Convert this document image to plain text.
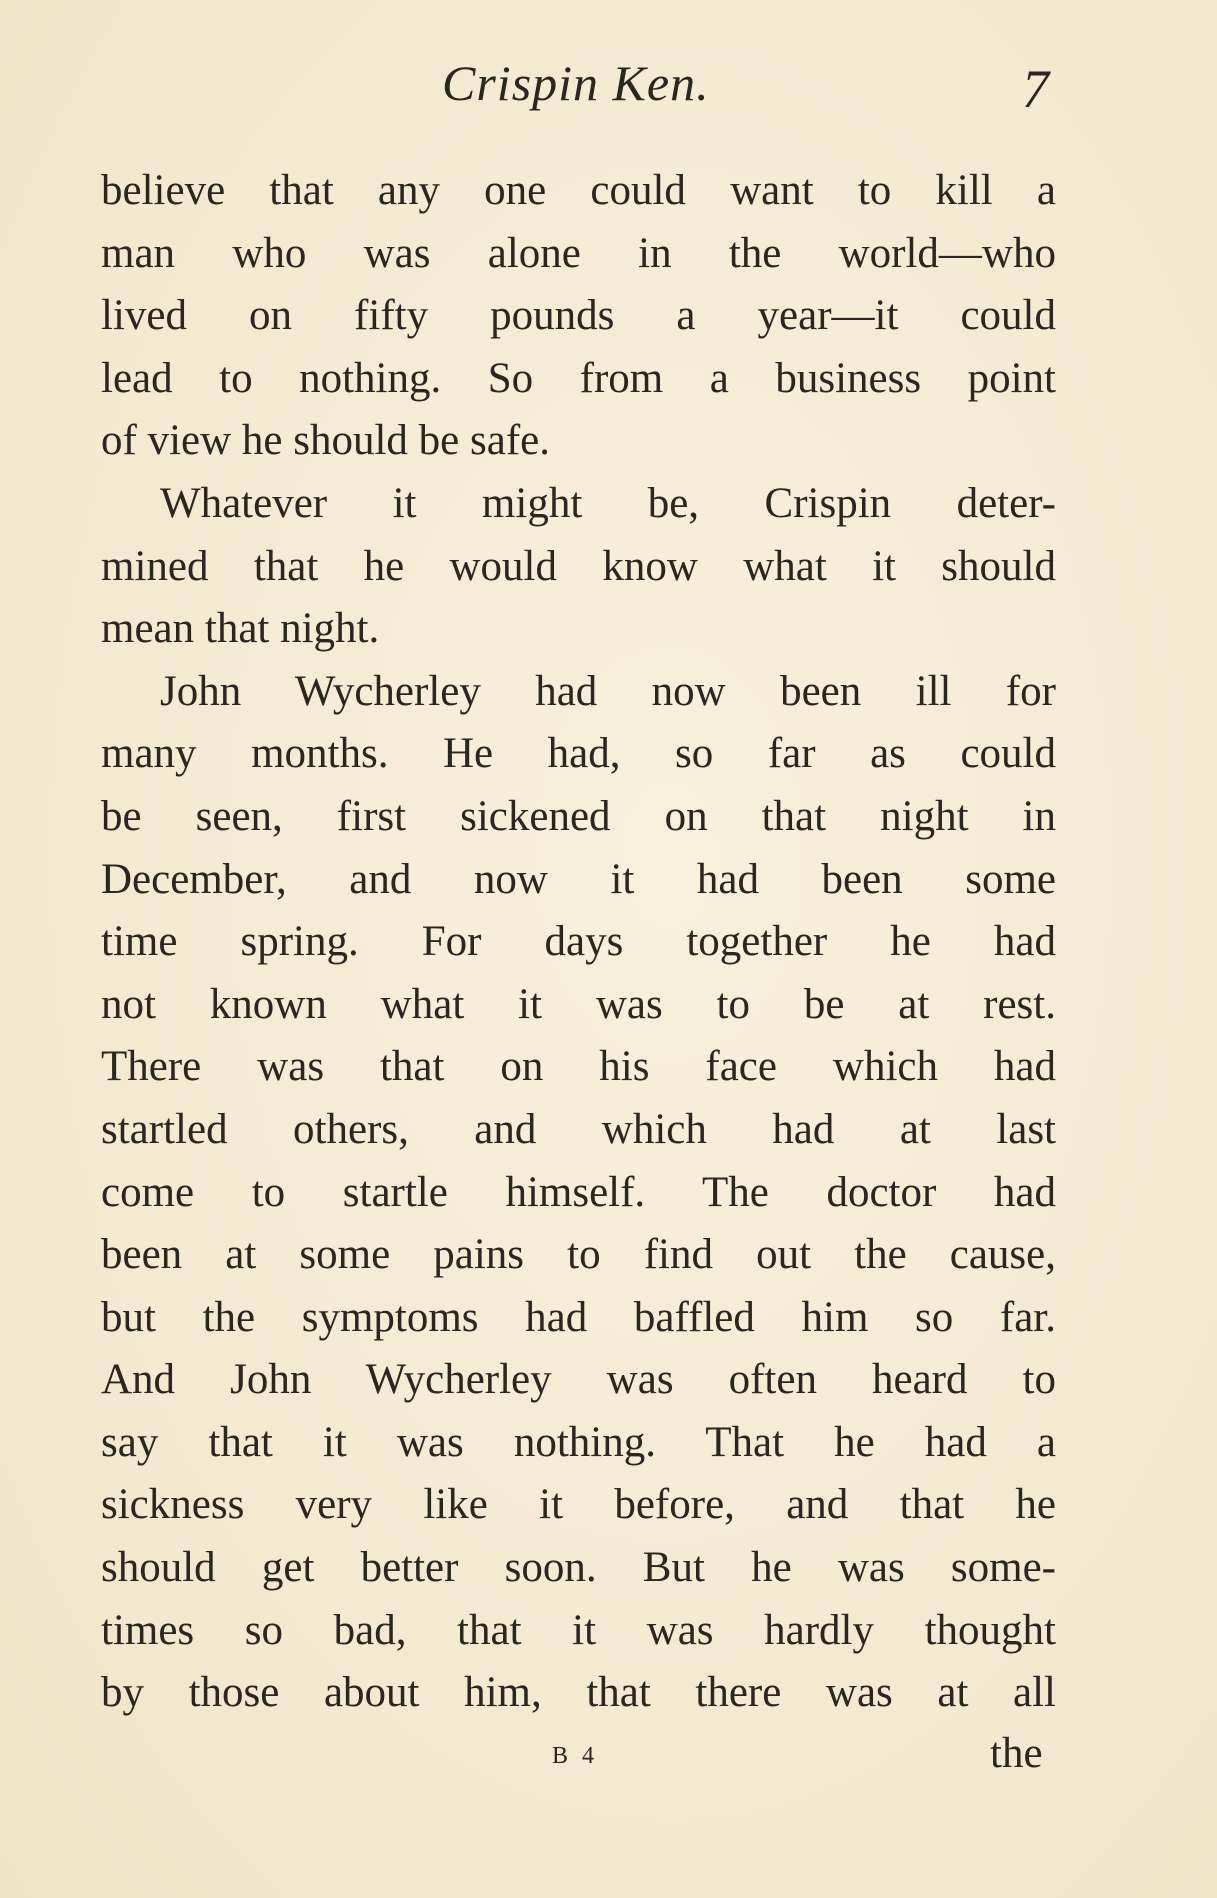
Crispin Ken.	7
believe that any one could want to kill a
man who was alone in the world—who
lived on fifty pounds a year—it could
lead to nothing. So from a business point
of view he should be safe.
Whatever it might be, Crispin deter-
mined that he would know what it should
mean that night.
John Wycherley had now been ill for
many months. He had, so far as could
be seen, first sickened on that night in
December, and now it had been some
time spring. For days together he had
not known what it was to be at rest.
There was that on his face which had
startled others, and which had at last
come to startle himself. The doctor had
been at some pains to find out the cause,
but the symptoms had baffled him so far.
And John Wycherley was often heard to
say that it was nothing. That he had a
sickness very like it before, and that he
should get better soon. But he was some-
times so bad, that it was hardly thought
by those about him, that there was at all
B 4	the
